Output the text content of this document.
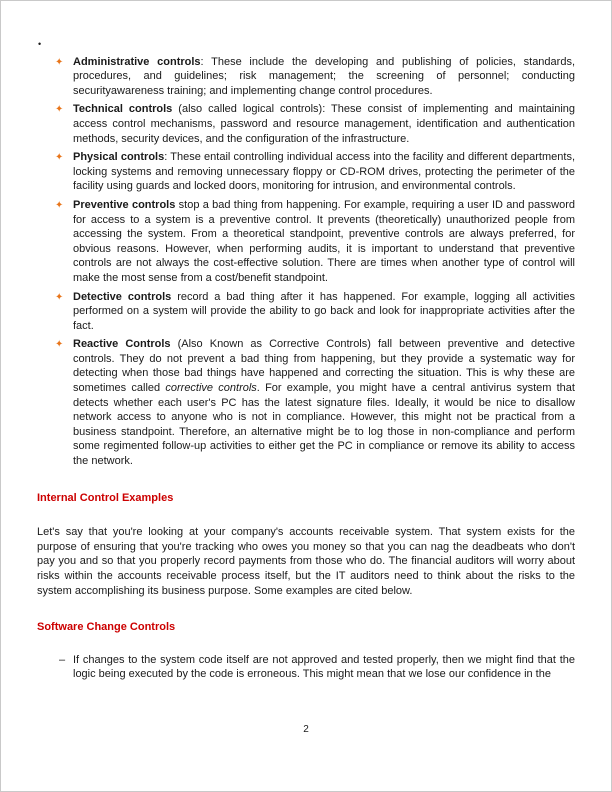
•
✦ Administrative controls: These include the developing and publishing of policies, standards, procedures, and guidelines; risk management; the screening of personnel; conducting securityawareness training; and implementing change control procedures.

✦ Technical controls (also called logical controls): These consist of implementing and maintaining access control mechanisms, password and resource management, identification and authentication methods, security devices, and the configuration of the infrastructure.

✦ Physical controls: These entail controlling individual access into the facility and different departments, locking systems and removing unnecessary floppy or CD-ROM drives, protecting the perimeter of the facility using guards and locked doors, monitoring for intrusion, and environmental controls.

✦ Preventive controls stop a bad thing from happening. For example, requiring a user ID and password for access to a system is a preventive control. It prevents (theoretically) unauthorized people from accessing the system. From a theoretical standpoint, preventive controls are always preferred, for obvious reasons. However, when performing audits, it is important to understand that preventive controls are not always the cost-effective solution. There are times when another type of control will make the most sense from a cost/benefit standpoint.

✦ Detective controls record a bad thing after it has happened. For example, logging all activities performed on a system will provide the ability to go back and look for inappropriate activities after the fact.

✦ Reactive Controls (Also Known as Corrective Controls) fall between preventive and detective controls. They do not prevent a bad thing from happening, but they provide a systematic way for detecting when those bad things have happened and correcting the situation. This is why these are sometimes called corrective controls. For example, you might have a central antivirus system that detects whether each user's PC has the latest signature files. Ideally, it would be nice to disallow network access to anyone who is not in compliance. However, this might not be practical from a business standpoint. Therefore, an alternative might be to log those in non-compliance and perform some regimented follow-up activities to either get the PC in compliance or remove its ability to access the network.

Internal Control Examples

Let's say that you're looking at your company's accounts receivable system. That system exists for the purpose of ensuring that you're tracking who owes you money so that you can nag the deadbeats who don't pay you and so that you properly record payments from those who do. The financial auditors will worry about risks within the accounts receivable process itself, but the IT auditors need to think about the risks to the system accomplishing its business purpose. Some examples are cited below.

Software Change Controls
– If changes to the system code itself are not approved and tested properly, then we might find that the logic being executed by the code is erroneous. This might mean that we lose our confidence in the

2
